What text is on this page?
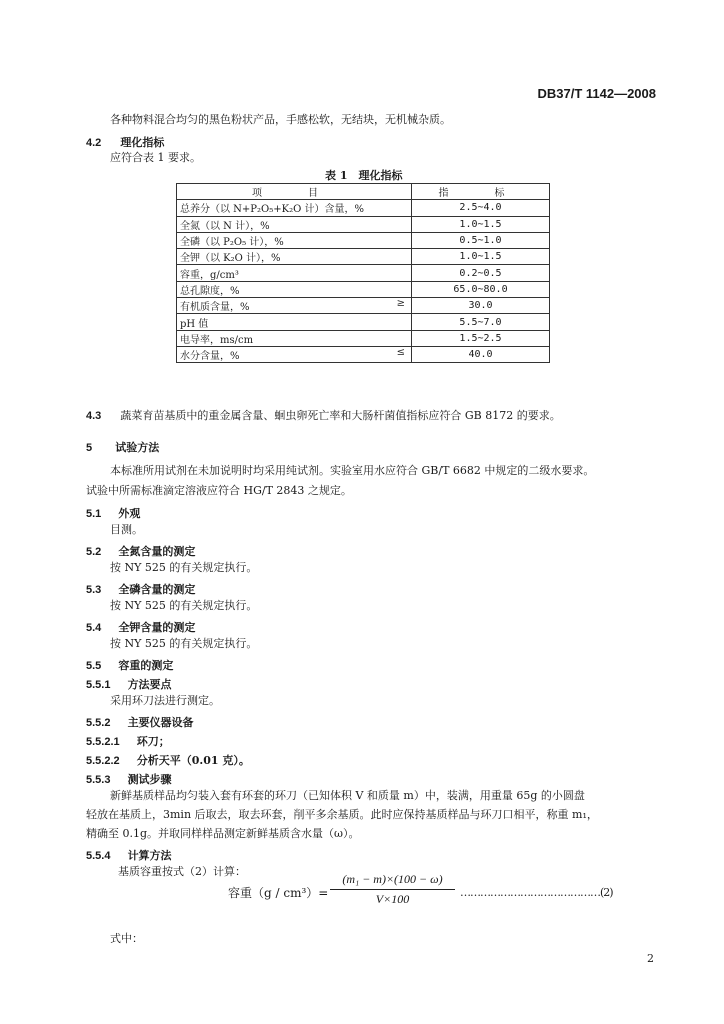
DB37/T 1142—2008
各种物料混合均匀的黑色粉状产品，手感松软，无结块，无机械杂质。
4.2 理化指标
应符合表 1 要求。
表 1　理化指标
项　目	指　标
总养分（以 N+P₂O₅+K₂O 计）含量，%	2.5~4.0
全氮（以 N 计），%	1.0~1.5
全磷（以 P₂O₅ 计），%	0.5~1.0
全钾（以 K₂O 计），%	1.0~1.5
容重，g/cm³	0.2~0.5
总孔隙度，%	65.0~80.0
有机质含量，% ≥	30.0
pH 值	5.5~7.0
电导率，ms/cm	1.5~2.5
水分含量，% ≤	40.0
4.3 蔬菜育苗基质中的重金属含量、蛔虫卵死亡率和大肠杆菌值指标应符合 GB 8172 的要求。
5 试验方法
本标准所用试剂在未加说明时均采用纯试剂。实验室用水应符合 GB/T 6682 中规定的二级水要求。
试验中所需标准滴定溶液应符合 HG/T 2843 之规定。
5.1 外观
目测。
5.2 全氮含量的测定
按 NY 525 的有关规定执行。
5.3 全磷含量的测定
按 NY 525 的有关规定执行。
5.4 全钾含量的测定
按 NY 525 的有关规定执行。
5.5 容重的测定
5.5.1 方法要点
采用环刀法进行测定。
5.5.2 主要仪器设备
5.5.2.1 环刀；
5.5.2.2 分析天平（0.01 克）。
5.5.3 测试步骤
新鲜基质样品均匀装入套有环套的环刀（已知体积 V 和质量 m）中，装满，用重量 65g 的小圆盘
轻放在基质上，3min 后取去，取去环套，削平多余基质。此时应保持基质样品与环刀口相平，称重 m₁，
精确至 0.1g。并取同样样品测定新鲜基质含水量（ω）。
5.5.4 计算方法
基质容重按式（2）计算：
容重$(g / cm^3)= \frac{\text{(m₁ − m)×(100 − ω)}}{V\times 100}$ ……………………………………(2)
式中：
2
